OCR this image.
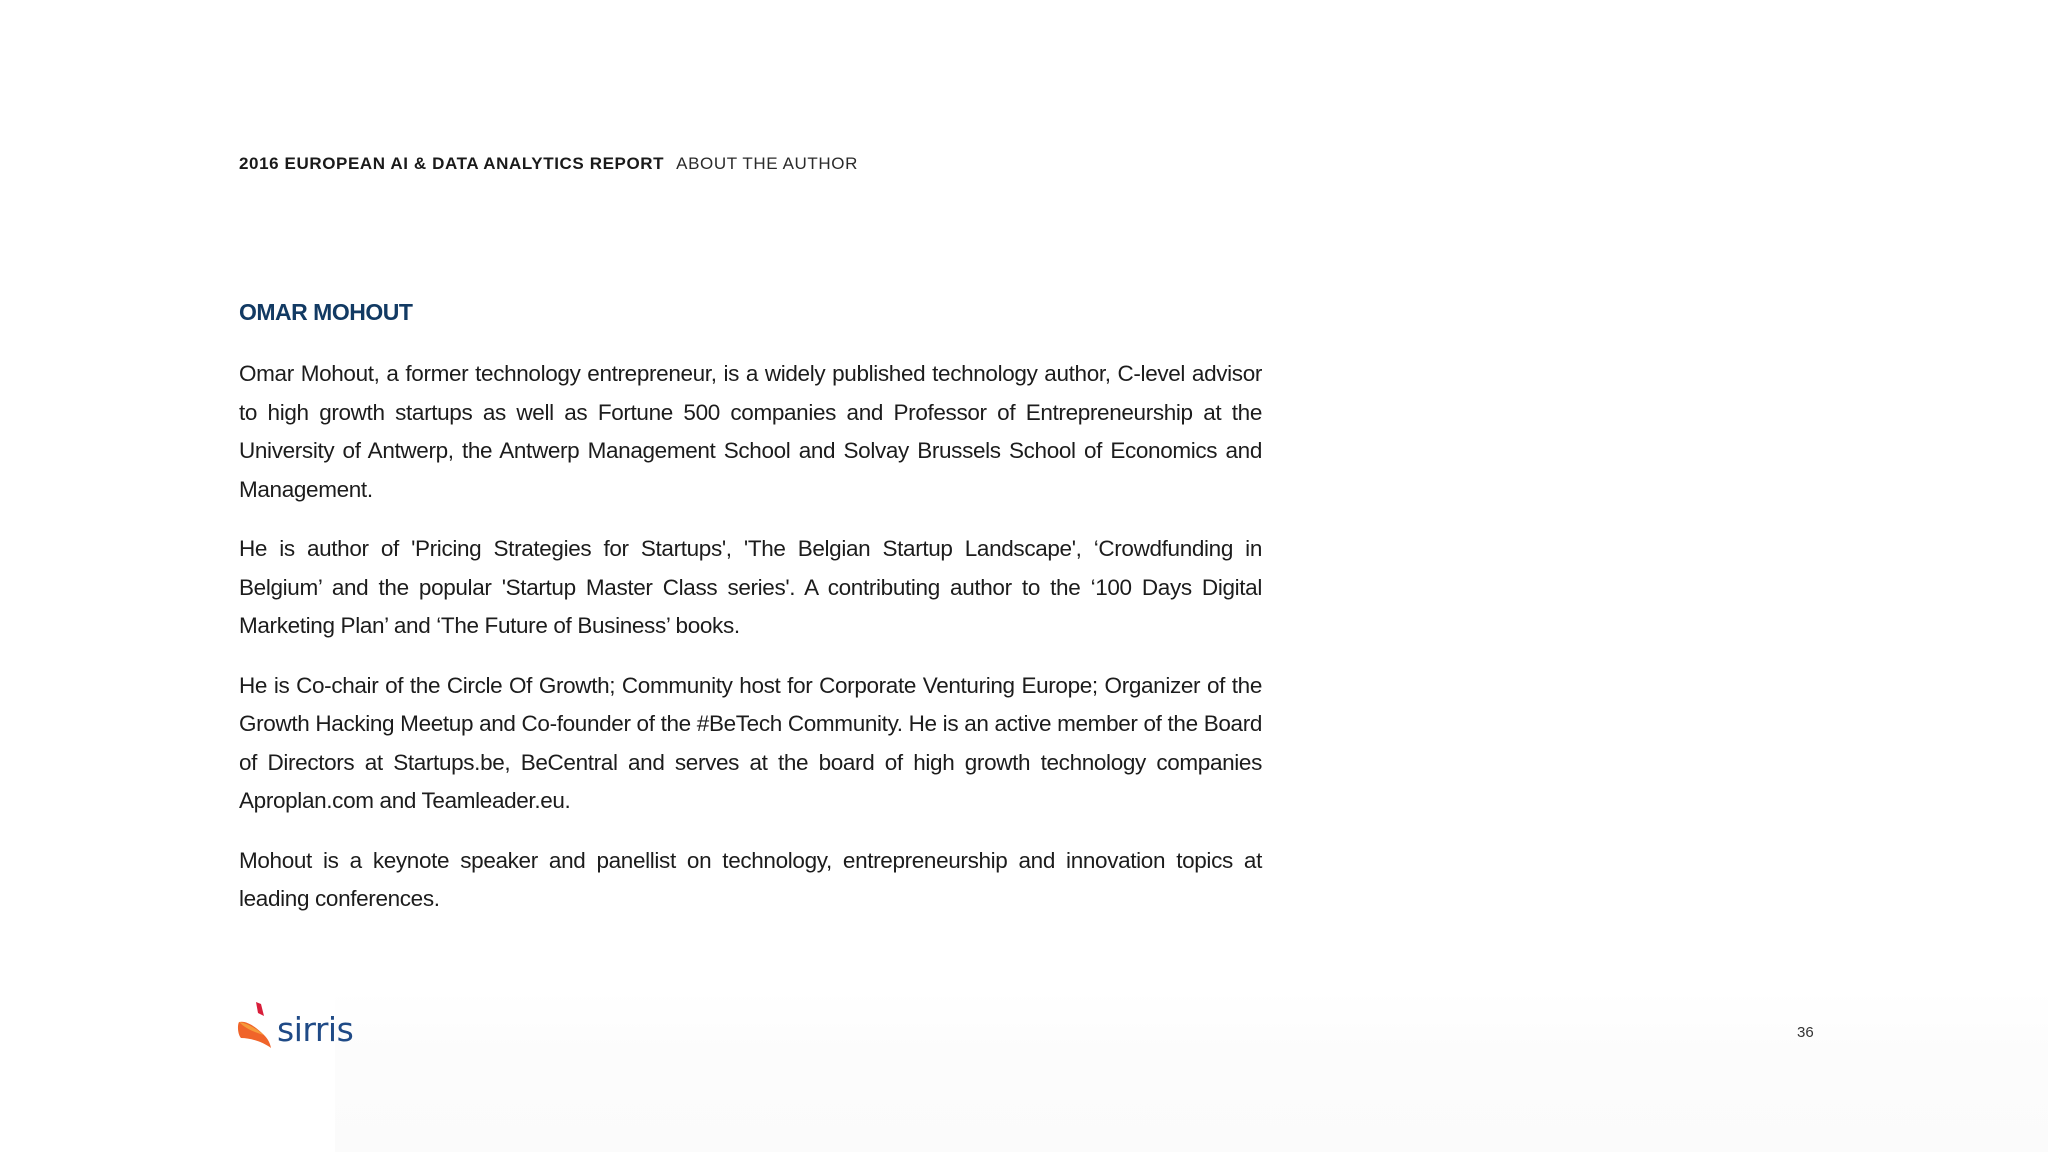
2016 EUROPEAN AI & DATA ANALYTICS REPORT ABOUT THE AUTHOR
OMAR MOHOUT

Omar Mohout, a former technology entrepreneur, is a widely published technology author, C-level advisor to high growth startups as well as Fortune 500 companies and Professor of Entrepreneurship at the University of Antwerp, the Antwerp Management School and Solvay Brussels School of Economics and Management.

He is author of 'Pricing Strategies for Startups', 'The Belgian Startup Landscape', ‘Crowdfunding in Belgium’ and the popular 'Startup Master Class series'. A contributing author to the ‘100 Days Digital Marketing Plan’ and ‘The Future of Business’ books.

He is Co-chair of the Circle Of Growth; Community host for Corporate Venturing Europe; Organizer of the Growth Hacking Meetup and Co-founder of the #BeTech Community. He is an active member of the Board of Directors at Startups.be, BeCentral and serves at the board of high growth technology companies Aproplan.com and Teamleader.eu.

Mohout is a keynote speaker and panellist on technology, entrepreneurship and innovation topics at leading conferences.

sirris	36
